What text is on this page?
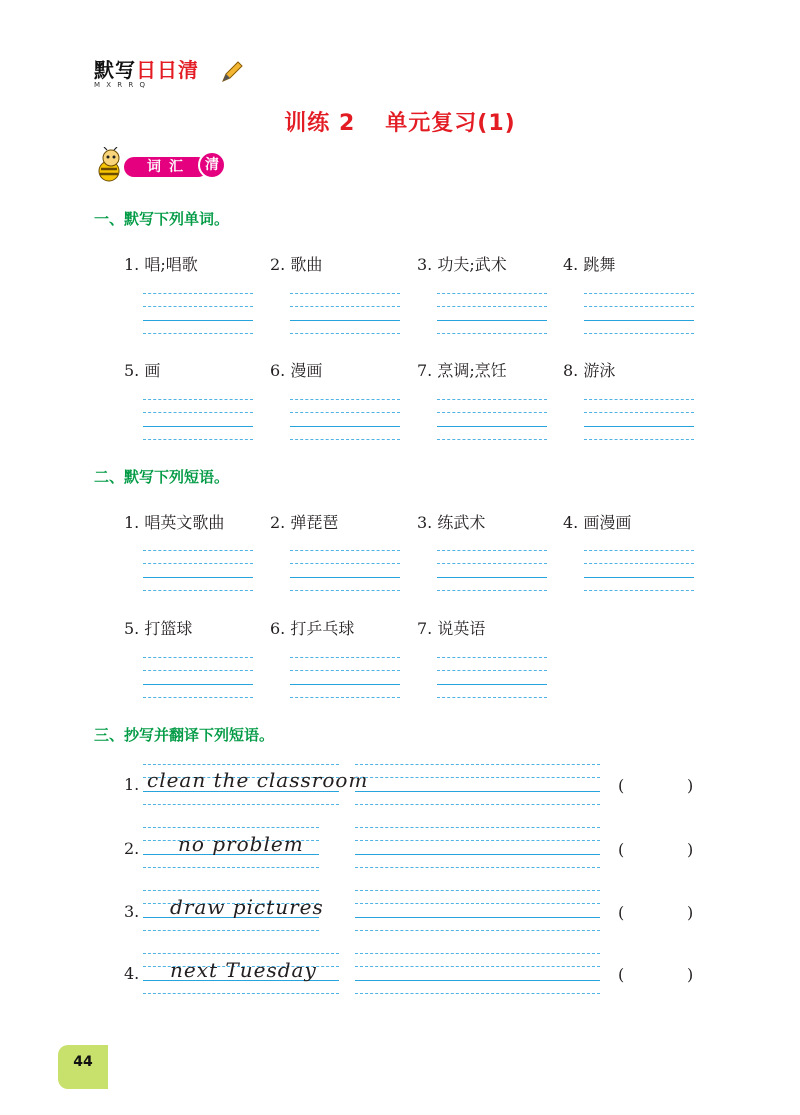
默写日日清
M X R R Q
训练 2 单元复习(1)
词汇	清
一、默写下列单词。
1. 唱;唱歌	2. 歌曲	3. 功夫;武术	4. 跳舞
5. 画	6. 漫画	7. 烹调;烹饪	8. 游泳
二、默写下列短语。
1. 唱英文歌曲	2. 弹琵琶	3. 练武术	4. 画漫画
5. 打篮球	6. 打乒乓球	7. 说英语
三、抄写并翻译下列短语。
1. clean the classroom	(	)
2. no problem	(	)
3. draw pictures	(	)
4. next Tuesday	(	)
44
